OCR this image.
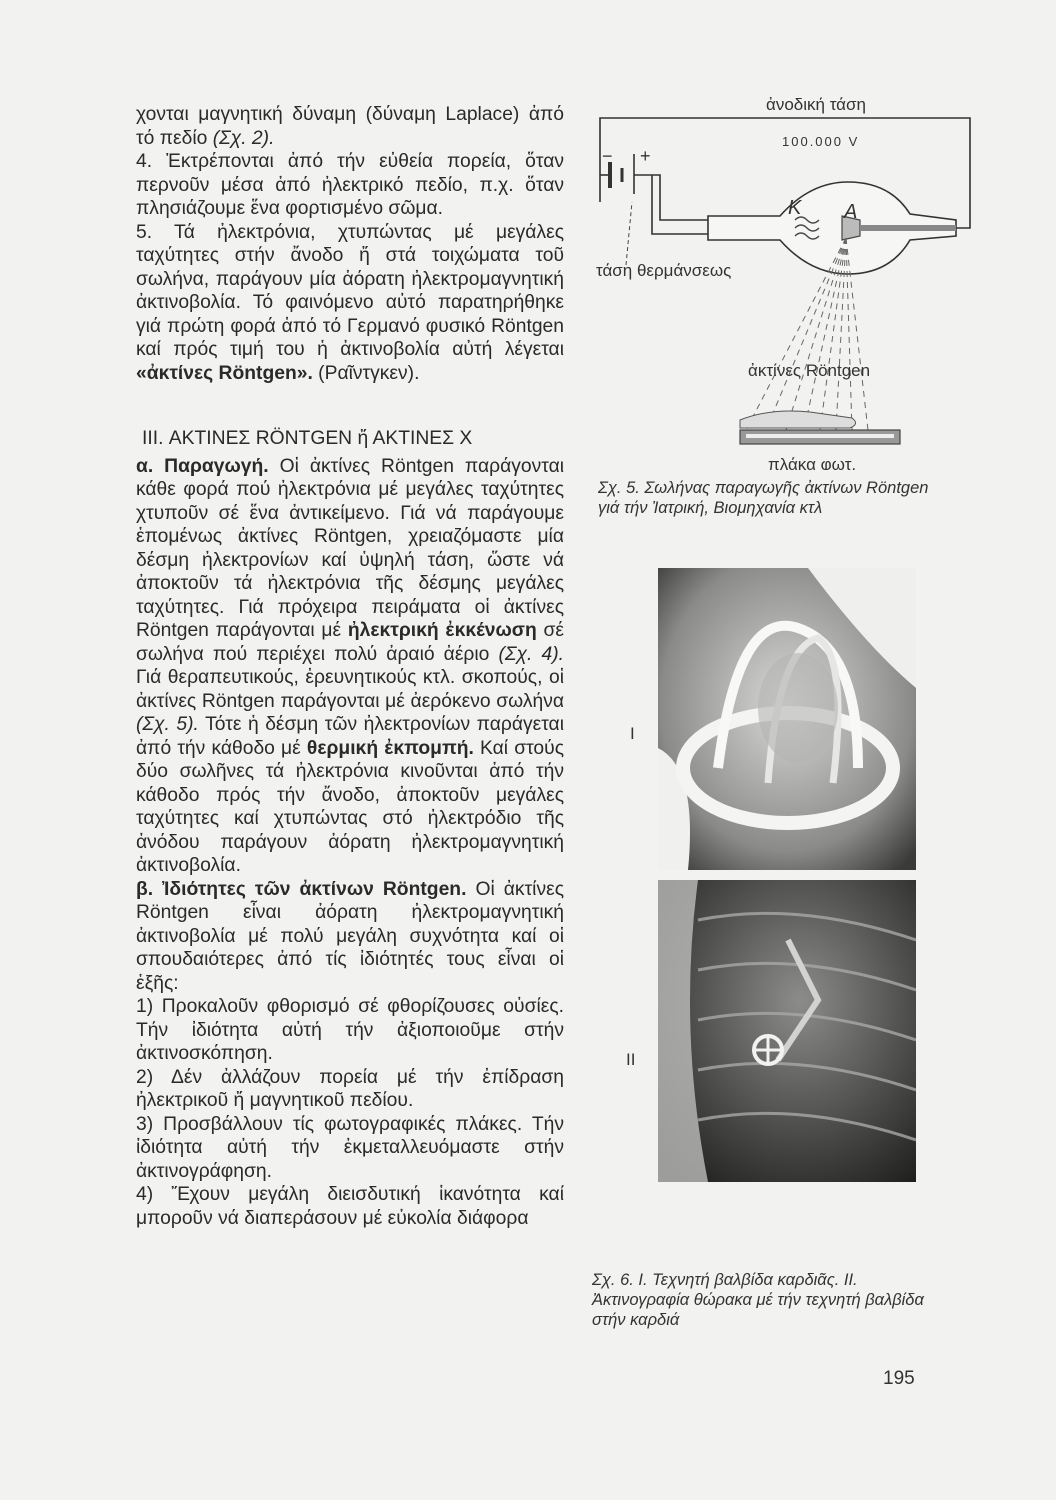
χονται μαγνητική δύναμη (δύναμη Laplace) ἀπό τό πεδίο (Σχ. 2).

4. Ἐκτρέπονται ἀπό τήν εὐθεία πορεία, ὅταν περνοῦν μέσα ἀπό ἠλεκτρικό πεδίο, π.χ. ὅταν πλησιάζουμε ἕνα φορτισμένο σῶμα.

5. Τά ἠλεκτρόνια, χτυπώντας μέ μεγάλες ταχύτητες στήν ἄνοδο ἤ στά τοιχώματα τοῦ σωλήνα, παράγουν μία ἀόρατη ἠλεκτρομαγνητική ἀκτινοβολία. Τό φαινόμενο αὐτό παρατηρήθηκε γιά πρώτη φορά ἀπό τό Γερμανό φυσικό Röntgen καί πρός τιμή του ἡ ἀκτινοβολία αὐτή λέγεται «ἀκτίνες Röntgen». (Ραῖντγκεν).

III. ΑΚΤΙΝΕΣ RÖNTGEN ἤ ΑΚΤΙΝΕΣ Χ

α. Παραγωγή. Οἱ ἀκτίνες Röntgen παράγονται κάθε φορά πού ἠλεκτρόνια μέ μεγάλες ταχύτητες χτυποῦν σέ ἕνα ἀντικείμενο. Γιά νά παράγουμε ἑπομένως ἀκτίνες Röntgen, χρειαζόμαστε μία δέσμη ἠλεκτρονίων καί ὑψηλή τάση, ὥστε νά ἀποκτοῦν τά ἠλεκτρόνια τῆς δέσμης μεγάλες ταχύτητες. Γιά πρόχειρα πειράματα οἱ ἀκτίνες Röntgen παράγονται μέ ἠλεκτρική ἐκκένωση σέ σωλήνα πού περιέχει πολύ ἀραιό ἀέριο (Σχ. 4). Γιά θεραπευτικούς, ἐρευνητικούς κτλ. σκοπούς, οἱ ἀκτίνες Röntgen παράγονται μέ ἀερόκενο σωλήνα (Σχ. 5). Τότε ἡ δέσμη τῶν ἠλεκτρονίων παράγεται ἀπό τήν κάθοδο μέ θερμική ἐκπομπή. Καί στούς δύο σωλῆνες τά ἠλεκτρόνια κινοῦνται ἀπό τήν κάθοδο πρός τήν ἄνοδο, ἀποκτοῦν μεγάλες ταχύτητες καί χτυπώντας στό ἠλεκτρόδιο τῆς ἀνόδου παράγουν ἀόρατη ἠλεκτρομαγνητική ἀκτινοβολία.

β. Ἰδιότητες τῶν ἀκτίνων Röntgen. Οἱ ἀκτίνες Röntgen εἶναι ἀόρατη ἠλεκτρομαγνητική ἀκτινοβολία μέ πολύ μεγάλη συχνότητα καί οἱ σπουδαιότερες ἀπό τίς ἰδιότητές τους εἶναι οἱ ἑξῆς:

1) Προκαλοῦν φθορισμό σέ φθορίζουσες οὐσίες. Τήν ἰδιότητα αὐτή τήν ἀξιοποιοῦμε στήν ἀκτινοσκόπηση.

2) Δέν ἀλλάζουν πορεία μέ τήν ἐπίδραση ἠλεκτρικοῦ ἤ μαγνητικοῦ πεδίου.

3) Προσβάλλουν τίς φωτογραφικές πλάκες. Τήν ἰδιότητα αὐτή τήν ἐκμεταλλευόμαστε στήν ἀκτινογράφηση.

4) Ἔχουν μεγάλη διεισδυτική ἱκανότητα καί μποροῦν νά διαπεράσουν μέ εὐκολία διάφορα

− +
K A
ἀνοδική τάση
100.000 V
τάση θερμάνσεως
ἀκτίνες Röntgen
πλάκα φωτ.
Σχ. 5. Σωλήνας παραγωγῆς ἀκτίνων Röntgen γιά τήν Ἰατρική, Βιομηχανία κτλ
I
II
Σχ. 6. I. Τεχνητή βαλβίδα καρδιᾶς. II. Ἀκτινογραφία θώρακα μέ τήν τεχνητή βαλβίδα στήν καρδιά
195
